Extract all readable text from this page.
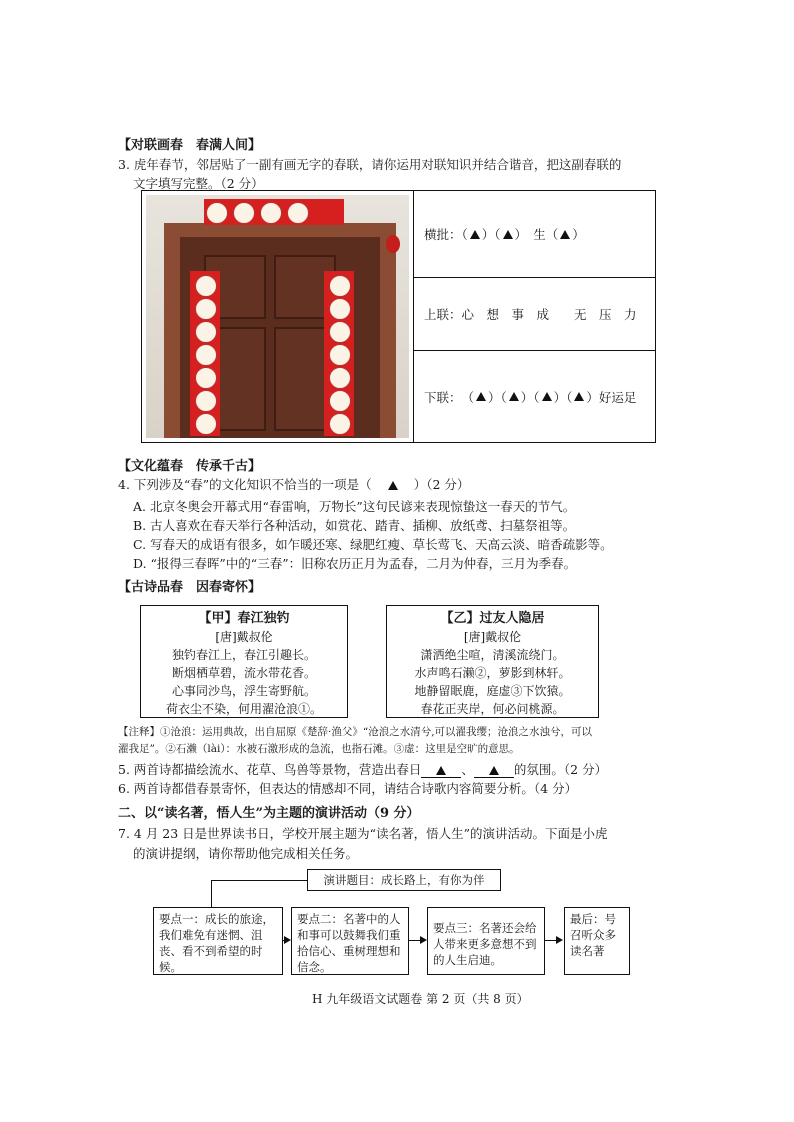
【对联画春　春满人间】
3. 虎年春节，邻居贴了一副有画无字的春联，请你运用对联知识并结合谐音，把这副春联的
文字填写完整。（2 分）
横批：（ ）（ ）　生（ ）
上联：心　想　事　成　　无　压　力
下联： （ ）（ ）（ ）（ ） 好运足
【文化蕴春　传承千古】
4. 下列涉及“春”的文化知识不恰当的一项是（	）（2 分）
A. 北京冬奥会开幕式用“春雷响，万物长”这句民谚来表现惊蛰这一春天的节气。
B. 古人喜欢在春天举行各种活动，如赏花、踏青、插柳、放纸鸢、扫墓祭祖等。
C. 写春天的成语有很多，如乍暖还寒、绿肥红瘦、草长莺飞、天高云淡、暗香疏影等。
D. “报得三春晖”中的“三春”：旧称农历正月为孟春，二月为仲春，三月为季春。
【古诗品春　因春寄怀】
【甲】春江独钓
[唐]戴叔伦
独钓春江上，春江引趣长。
断烟栖草碧，流水带花香。
心事同沙鸟，浮生寄野航。
荷衣尘不染，何用濯沧浪①。
【乙】过友人隐居
[唐]戴叔伦
潇洒绝尘喧，清溪流绕门。
水声鸣石濑②，萝影到林轩。
地静留眠鹿，庭虚③下饮猿。
春花正夹岸，何必问桃源。
【注释】①沧浪：运用典故，出自屈原《楚辞·渔父》“沧浪之水清兮,可以濯我缨；沧浪之水浊兮，可以
濯我足”。②石濑（lài）：水被石激形成的急流，也指石滩。③虚：这里是空旷的意思。
5. 两首诗都描绘流水、花草、鸟兽等景物，营造出春日	、	的氛围。（2 分）
6. 两首诗都借春景寄怀，但表达的情感却不同，请结合诗歌内容简要分析。（4 分）
二、以“读名著，悟人生”为主题的演讲活动（9 分）
7. 4 月 23 日是世界读书日，学校开展主题为“读名著，悟人生”的演讲活动。下面是小虎
的演讲提纲，请你帮助他完成相关任务。
演讲题目：成长路上，有你为伴
要点一：成长的旅途，我们难免有迷惘、沮丧、看不到希望的时候。
要点二：名著中的人和事可以鼓舞我们重拾信心、重树理想和信念。
要点三：名著还会给人带来更多意想不到的人生启迪。
最后：号召听众多读名著
H 九年级语文试题卷 第 2 页（共 8 页）
